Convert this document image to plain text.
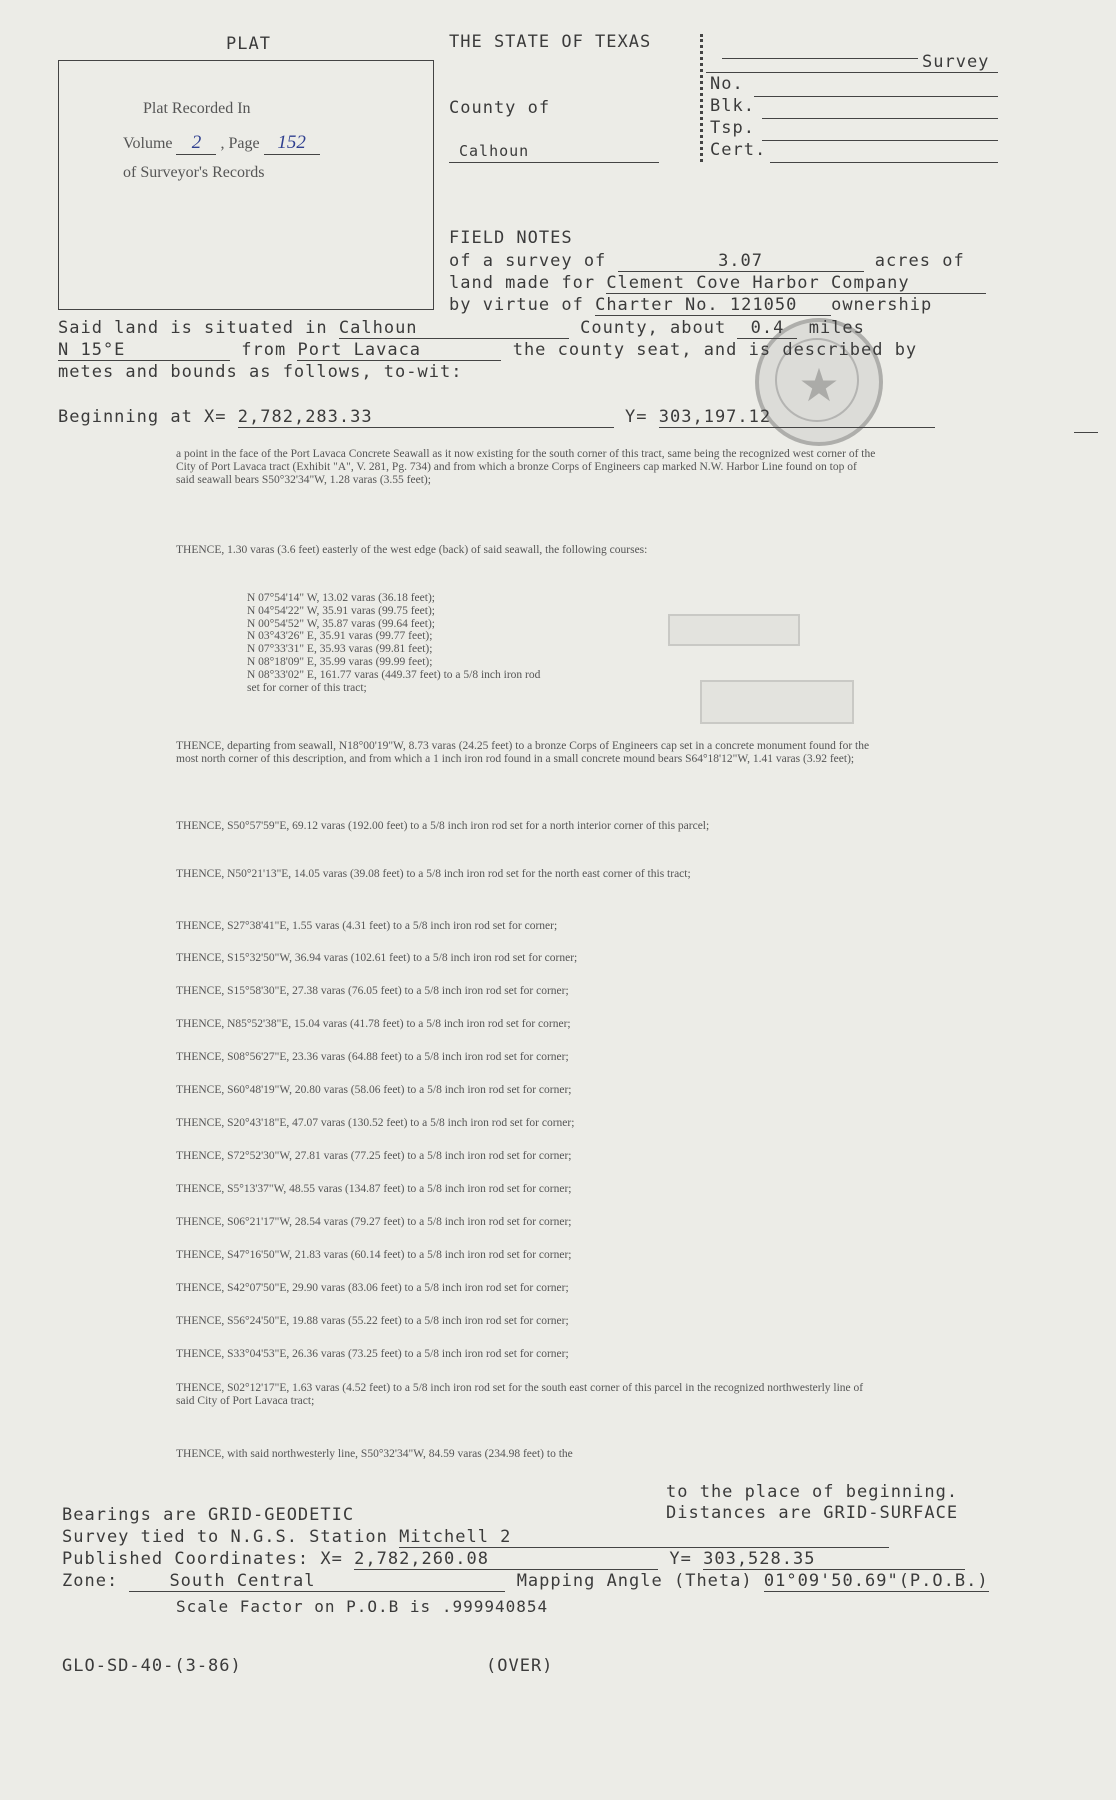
PLAT	THE STATE OF TEXAS
Plat Recorded In
Volume 2 , Page 152
of Surveyor's Records
County of
Calhoun
Survey
No.
Blk.
Tsp.
Cert.
★
FIELD NOTES
of a survey of	3.07	acres of
land made for Clement Cove Harbor Company
by virtue of Charter No. 121050 ownership
Said land is situated in Calhoun	County, about 0.4 miles
N 15°E	from Port Lavaca	the county seat, and is described by
metes and bounds as follows, to-wit:
Beginning at X= 2,782,283.33	Y= 303,197.12
a point in the face of the Port Lavaca Concrete Seawall as it now existing for the south corner of this tract, same being the recognized west corner of the City of Port Lavaca tract (Exhibit "A", V. 281, Pg. 734) and from which a bronze Corps of Engineers cap marked N.W. Harbor Line found on top of said seawall bears S50°32'34"W, 1.28 varas (3.55 feet);
THENCE, 1.30 varas (3.6 feet) easterly of the west edge (back) of said seawall, the following courses:
N 07°54'14" W, 13.02 varas (36.18 feet);
N 04°54'22" W, 35.91 varas (99.75 feet);
N 00°54'52" W, 35.87 varas (99.64 feet);
N 03°43'26" E, 35.91 varas (99.77 feet);
N 07°33'31" E, 35.93 varas (99.81 feet);
N 08°18'09" E, 35.99 varas (99.99 feet);
N 08°33'02" E, 161.77 varas (449.37 feet) to a 5/8 inch iron rod
set for corner of this tract;
THENCE, departing from seawall, N18°00'19"W, 8.73 varas (24.25 feet) to a bronze Corps of Engineers cap set in a concrete monument found for the most north corner of this description, and from which a 1 inch iron rod found in a small concrete mound bears S64°18'12"W, 1.41 varas (3.92 feet);
THENCE, S50°57'59"E, 69.12 varas (192.00 feet) to a 5/8 inch iron rod set for a north interior corner of this parcel;
THENCE, N50°21'13"E, 14.05 varas (39.08 feet) to a 5/8 inch iron rod set for the north east corner of this tract;
THENCE, S27°38'41"E, 1.55 varas (4.31 feet) to a 5/8 inch iron rod set for corner;
THENCE, S15°32'50"W, 36.94 varas (102.61 feet) to a 5/8 inch iron rod set for corner;
THENCE, S15°58'30"E, 27.38 varas (76.05 feet) to a 5/8 inch iron rod set for corner;
THENCE, N85°52'38"E, 15.04 varas (41.78 feet) to a 5/8 inch iron rod set for corner;
THENCE, S08°56'27"E, 23.36 varas (64.88 feet) to a 5/8 inch iron rod set for corner;
THENCE, S60°48'19"W, 20.80 varas (58.06 feet) to a 5/8 inch iron rod set for corner;
THENCE, S20°43'18"E, 47.07 varas (130.52 feet) to a 5/8 inch iron rod set for corner;
THENCE, S72°52'30"W, 27.81 varas (77.25 feet) to a 5/8 inch iron rod set for corner;
THENCE, S5°13'37"W, 48.55 varas (134.87 feet) to a 5/8 inch iron rod set for corner;
THENCE, S06°21'17"W, 28.54 varas (79.27 feet) to a 5/8 inch iron rod set for corner;
THENCE, S47°16'50"W, 21.83 varas (60.14 feet) to a 5/8 inch iron rod set for corner;
THENCE, S42°07'50"E, 29.90 varas (83.06 feet) to a 5/8 inch iron rod set for corner;
THENCE, S56°24'50"E, 19.88 varas (55.22 feet) to a 5/8 inch iron rod set for corner;
THENCE, S33°04'53"E, 26.36 varas (73.25 feet) to a 5/8 inch iron rod set for corner;
THENCE, S02°12'17"E, 1.63 varas (4.52 feet) to a 5/8 inch iron rod set for the south east corner of this parcel in the recognized northwesterly line of said City of Port Lavaca tract;
THENCE, with said northwesterly line, S50°32'34"W, 84.59 varas (234.98 feet) to the
to the place of beginning.
Bearings are GRID-GEODETIC	Distances are GRID-SURFACE
Survey tied to N.G.S. Station Mitchell 2
Published Coordinates: X= 2,782,260.08	Y= 303,528.35
Zone:	South Central	Mapping Angle (Theta) 01°09'50.69"(P.O.B.)
Scale Factor on P.O.B is .999940854
GLO-SD-40-(3-86)	(OVER)
